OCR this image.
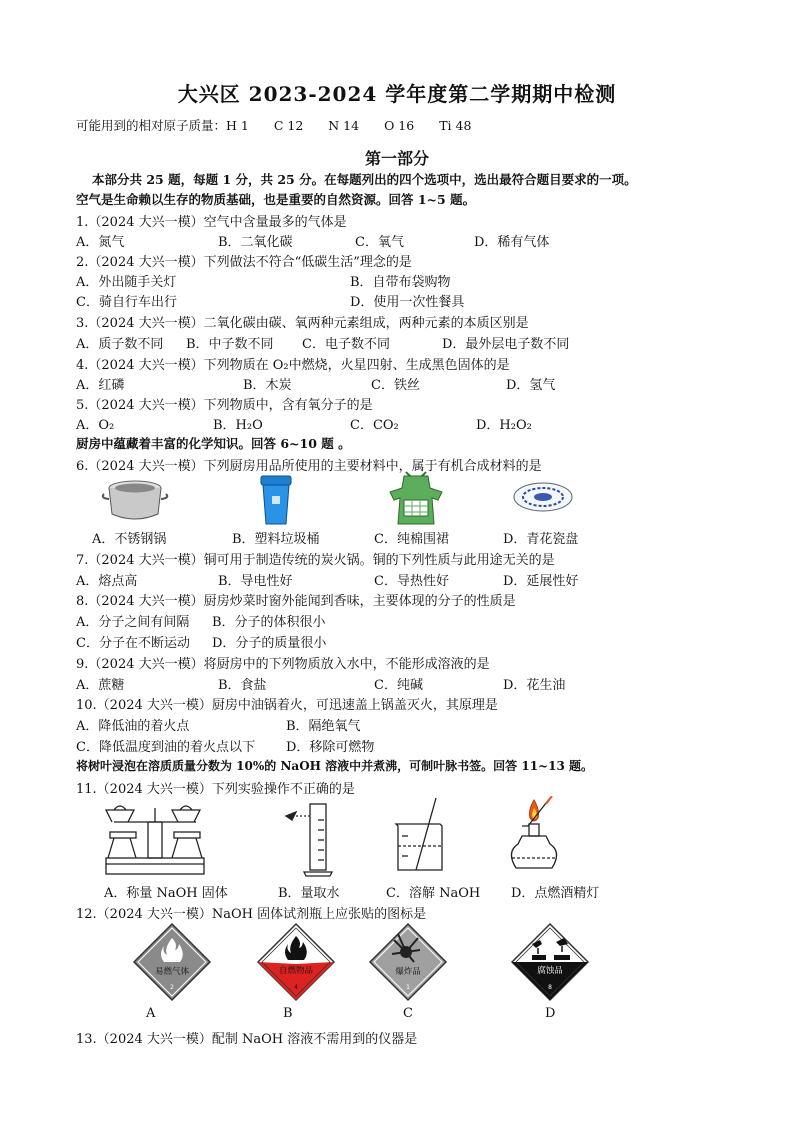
大兴区 2023-2024 学年度第二学期期中检测
可能用到的相对原子质量：H 1　　C 12　　N 14　　O 16　　Ti 48
第一部分
本部分共 25 题，每题 1 分，共 25 分。在每题列出的四个选项中，选出最符合题目要求的一项。
空气是生命赖以生存的物质基础，也是重要的自然资源。回答 1~5 题。
1.（2024 大兴一模）空气中含量最多的气体是
A．氮气	B．二氧化碳	C．氧气	D．稀有气体
2.（2024 大兴一模）下列做法不符合“低碳生活”理念的是
A．外出随手关灯	B．自带布袋购物
C．骑自行车出行	D．使用一次性餐具
3.（2024 大兴一模）二氧化碳由碳、氧两种元素组成，两种元素的本质区别是
A．质子数不同 B．中子数不同 C．电子数不同	D．最外层电子数不同
4.（2024 大兴一模）下列物质在 O₂中燃烧，火星四射、生成黑色固体的是
A．红磷	B．木炭	C．铁丝	D．氢气
5.（2024 大兴一模）下列物质中，含有氧分子的是
A．O₂	B．H₂O	C．CO₂	D．H₂O₂
厨房中蕴藏着丰富的化学知识。回答 6~10 题 。
6.（2024 大兴一模）下列厨房用品所使用的主要材料中，属于有机合成材料的是
A．不锈钢锅	B．塑料垃圾桶	C．纯棉围裙	D．青花瓷盘
7.（2024 大兴一模）铜可用于制造传统的炭火锅。铜的下列性质与此用途无关的是
A．熔点高	B．导电性好	C．导热性好	D．延展性好
8.（2024 大兴一模）厨房炒菜时窗外能闻到香味，主要体现的分子的性质是
A．分子之间有间隔 B．分子的体积很小
C．分子在不断运动 D．分子的质量很小
9.（2024 大兴一模）将厨房中的下列物质放入水中，不能形成溶液的是
A．蔗糖	B．食盐	C．纯碱	D．花生油
10.（2024 大兴一模）厨房中油锅着火，可迅速盖上锅盖灭火，其原理是
A．降低油的着火点	B．隔绝氧气
C．降低温度到油的着火点以下 D．移除可燃物
将树叶浸泡在溶质质量分数为 10%的 NaOH 溶液中并煮沸，可制叶脉书签。回答 11~13 题。
11.（2024 大兴一模）下列实验操作不正确的是
A．称量 NaOH 固体	B．量取水	C．溶解 NaOH D．点燃酒精灯
12.（2024 大兴一模）NaOH 固体试剂瓶上应张贴的图标是
易燃气体
2
自燃物品
4
爆炸品
1
腐蚀品
8
A	B	C	D
13.（2024 大兴一模）配制 NaOH 溶液不需用到的仪器是
